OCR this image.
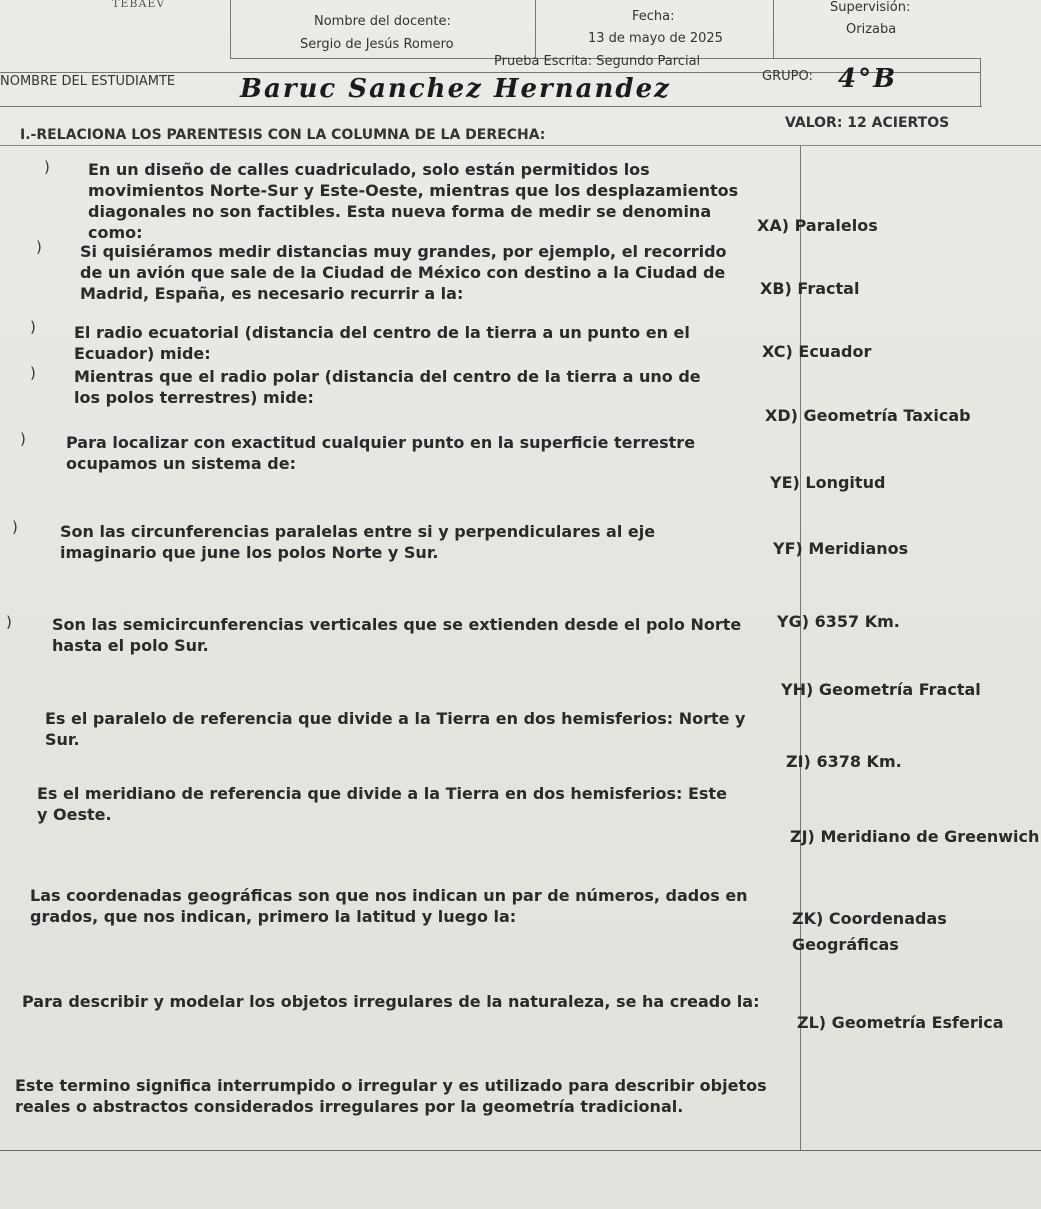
TEBAEV
Nombre del docente:
Sergio de Jesús Romero
Fecha:
13 de mayo de 2025
Supervisión:
Orizaba
Prueba Escrita: Segundo Parcial
NOMBRE DEL ESTUDIAMTE Baruc Sanchez Hernandez	GRUPO: 4°B
I.-RELACIONA LOS PARENTESIS CON LA COLUMNA DE LA DERECHA:
VALOR: 12 ACIERTOS
)
)
)
)
)
)
)
En un diseño de calles cuadriculado, solo están permitidos los movimientos Norte-Sur y Este-Oeste, mientras que los desplazamientos diagonales no son factibles. Esta nueva forma de medir se denomina como:
Si quisiéramos medir distancias muy grandes, por ejemplo, el recorrido de un avión que sale de la Ciudad de México con destino a la Ciudad de Madrid, España, es necesario recurrir a la:
El radio ecuatorial (distancia del centro de la tierra a un punto en el Ecuador) mide:
Mientras que el radio polar (distancia del centro de la tierra a uno de los polos terrestres) mide:
Para localizar con exactitud cualquier punto en la superficie terrestre ocupamos un sistema de:
Son las circunferencias paralelas entre si y perpendiculares al eje imaginario que june los polos Norte y Sur.
Son las semicircunferencias verticales que se extienden desde el polo Norte hasta el polo Sur.
Es el paralelo de referencia que divide a la Tierra en dos hemisferios: Norte y Sur.
Es el meridiano de referencia que divide a la Tierra en dos hemisferios: Este y Oeste.
Las coordenadas geográficas son que nos indican un par de números, dados en grados, que nos indican, primero la latitud y luego la:
Para describir y modelar los objetos irregulares de la naturaleza, se ha creado la:
Este termino significa interrumpido o irregular y es utilizado para describir objetos reales o abstractos considerados irregulares por la geometría tradicional.
XA) Paralelos
XB) Fractal
XC) Ecuador
XD) Geometría Taxicab
YE) Longitud
YF) Meridianos
YG) 6357 Km.
YH) Geometría Fractal
ZI) 6378 Km.
ZJ) Meridiano de Greenwich
ZK) Coordenadas Geográficas
ZL) Geometría Esferica
